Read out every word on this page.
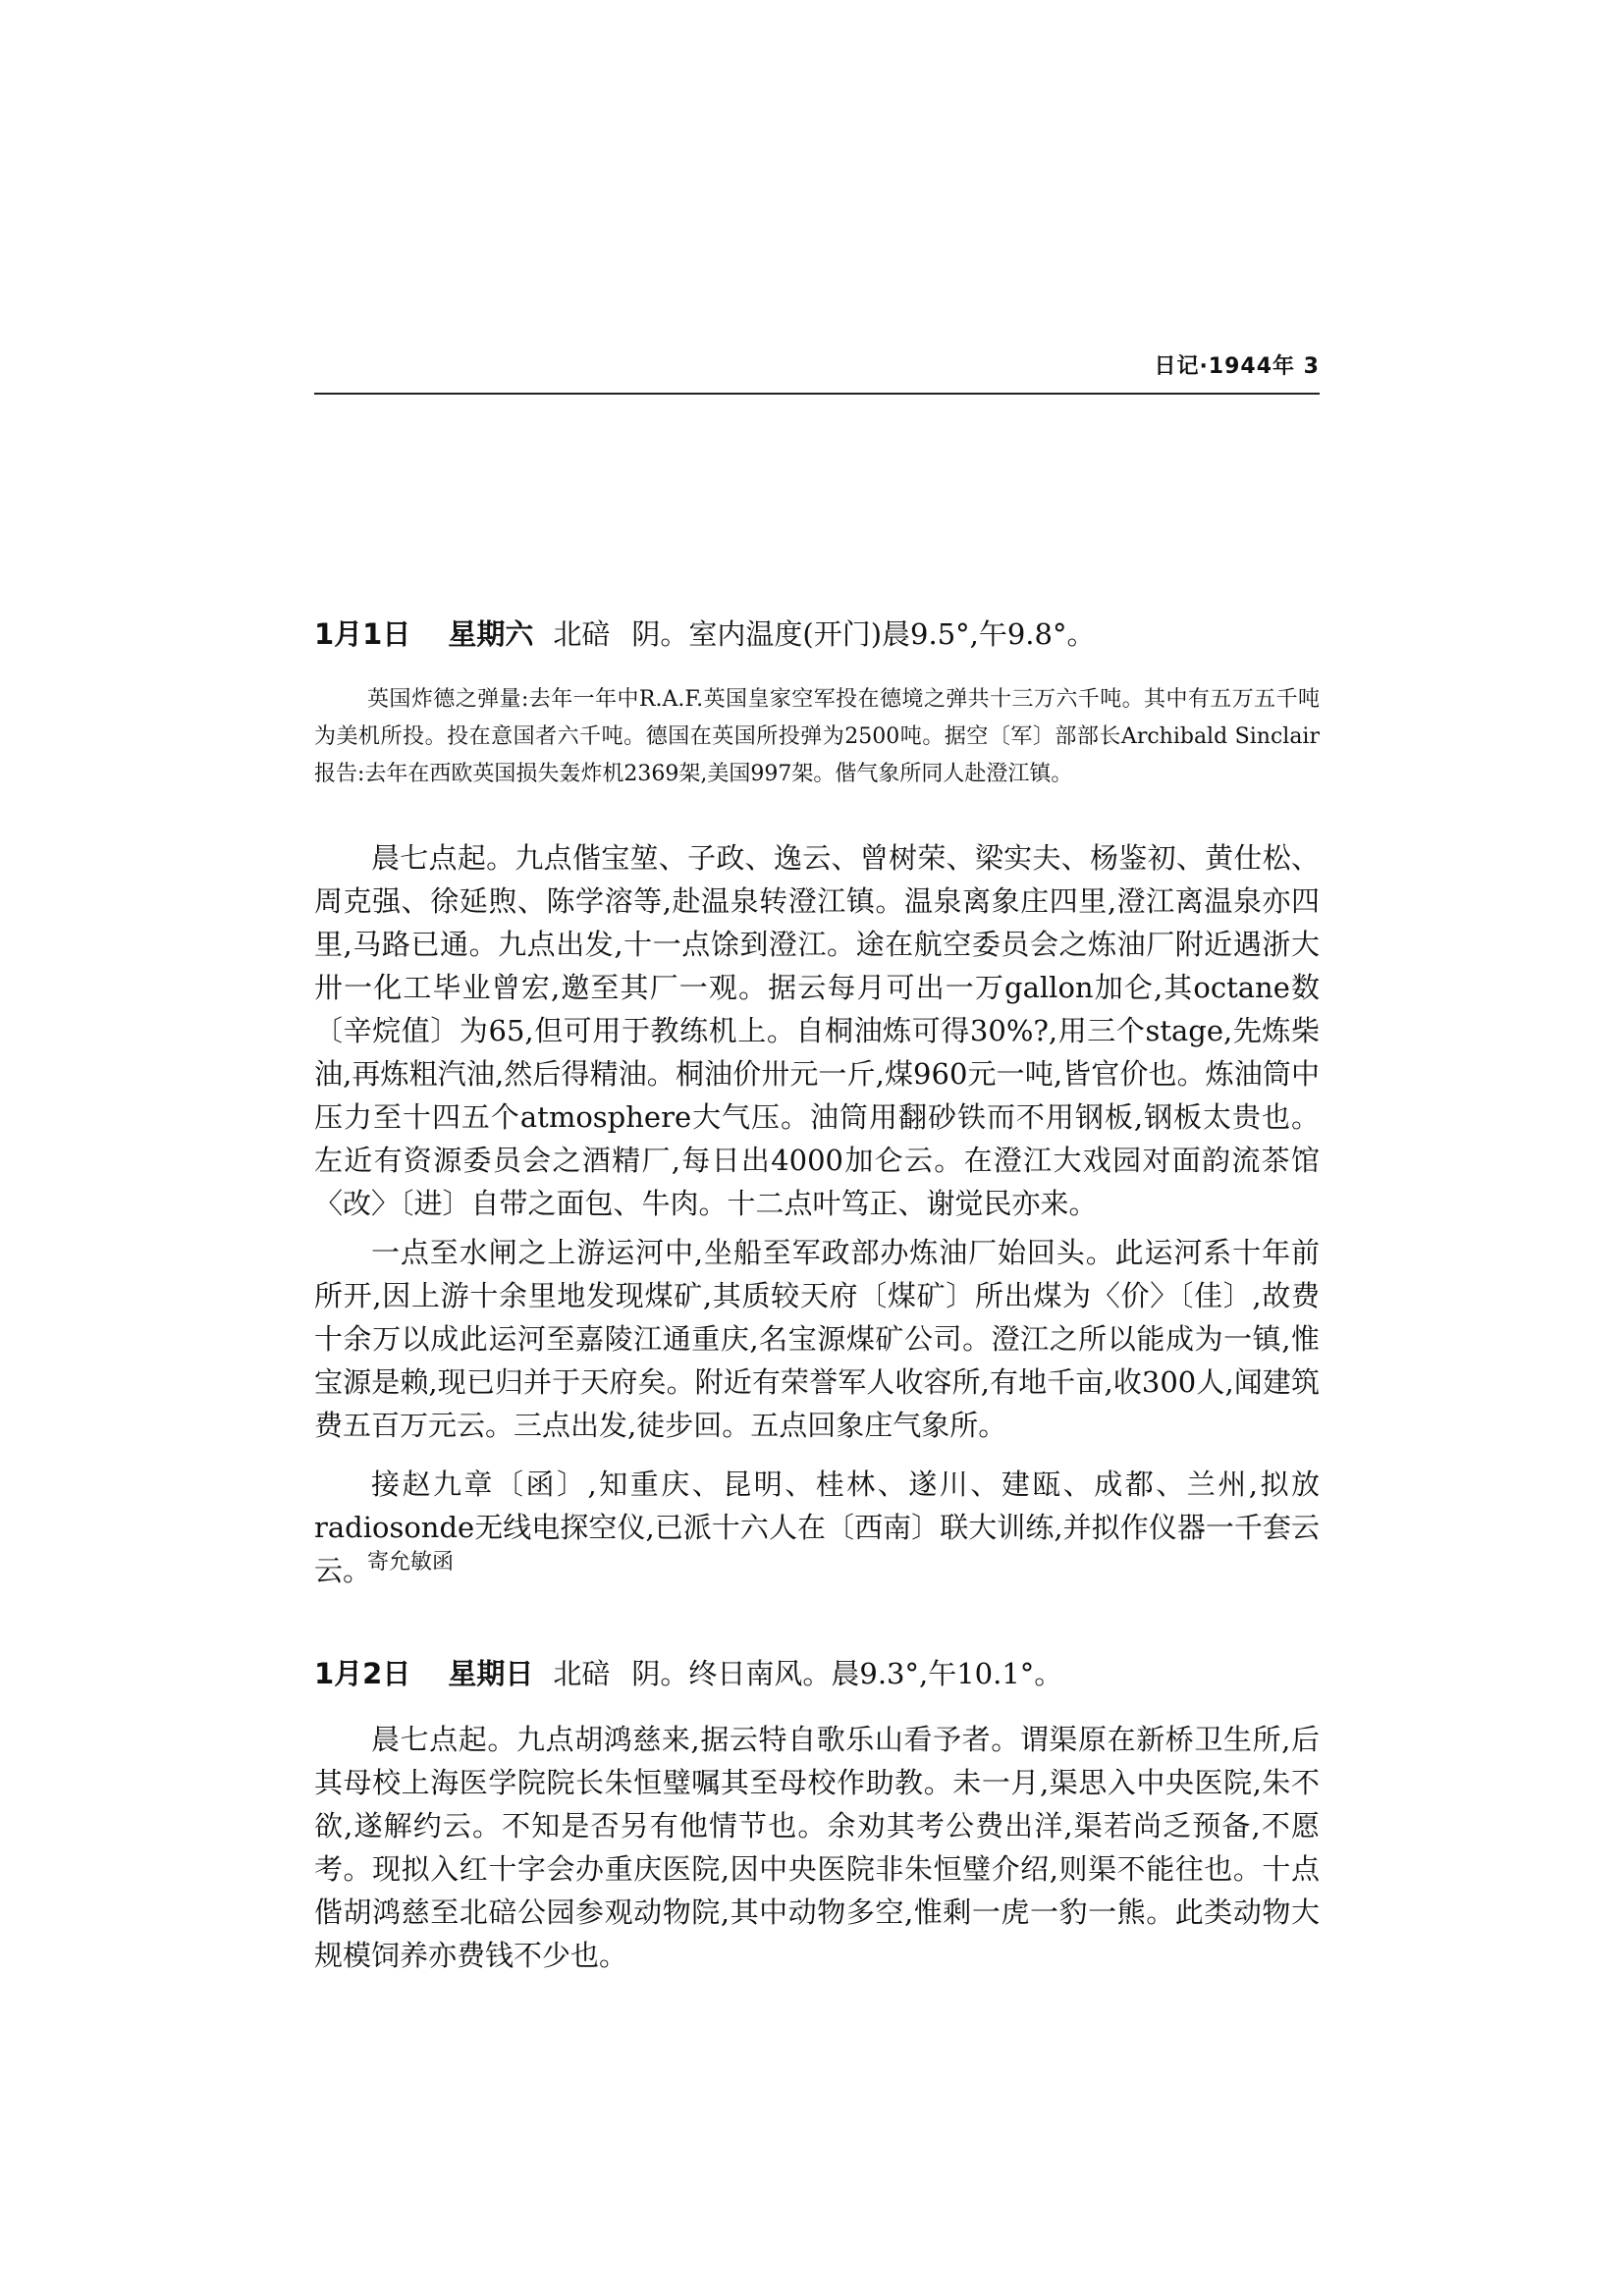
日记·1944年 3
1月1日 星期六 北碚 阴。室内温度(开门)晨9.5°,午9.8°。

英国炸德之弹量:去年一年中R.A.F.英国皇家空军投在德境之弹共十三万六千吨。其中有五万五千吨为美机所投。投在意国者六千吨。德国在英国所投弹为2500吨。据空〔军〕部部长Archibald Sinclair报告:去年在西欧英国损失轰炸机2369架,美国997架。偕气象所同人赴澄江镇。

晨七点起。九点偕宝堃、子政、逸云、曾树荣、梁实夫、杨鉴初、黄仕松、周克强、徐延煦、陈学溶等,赴温泉转澄江镇。温泉离象庄四里,澄江离温泉亦四里,马路已通。九点出发,十一点馀到澄江。途在航空委员会之炼油厂附近遇浙大卅一化工毕业曾宏,邀至其厂一观。据云每月可出一万gallon加仑,其octane数〔辛烷值〕为65,但可用于教练机上。自桐油炼可得30%?,用三个stage,先炼柴油,再炼粗汽油,然后得精油。桐油价卅元一斤,煤960元一吨,皆官价也。炼油筒中压力至十四五个atmosphere大气压。油筒用翻砂铁而不用钢板,钢板太贵也。左近有资源委员会之酒精厂,每日出4000加仑云。在澄江大戏园对面韵流茶馆〈改〉〔进〕自带之面包、牛肉。十二点叶笃正、谢觉民亦来。

一点至水闸之上游运河中,坐船至军政部办炼油厂始回头。此运河系十年前所开,因上游十余里地发现煤矿,其质较天府〔煤矿〕所出煤为〈价〉〔佳〕,故费十余万以成此运河至嘉陵江通重庆,名宝源煤矿公司。澄江之所以能成为一镇,惟宝源是赖,现已归并于天府矣。附近有荣誉军人收容所,有地千亩,收300人,闻建筑费五百万元云。三点出发,徒步回。五点回象庄气象所。

接赵九章〔函〕,知重庆、昆明、桂林、遂川、建瓯、成都、兰州,拟放radiosonde无线电探空仪,已派十六人在〔西南〕联大训练,并拟作仪器一千套云云。

寄允敏函

1月2日 星期日 北碚 阴。终日南风。晨9.3°,午10.1°。

晨七点起。九点胡鸿慈来,据云特自歌乐山看予者。谓渠原在新桥卫生所,后其母校上海医学院院长朱恒璧嘱其至母校作助教。未一月,渠思入中央医院,朱不欲,遂解约云。不知是否另有他情节也。余劝其考公费出洋,渠若尚乏预备,不愿考。现拟入红十字会办重庆医院,因中央医院非朱恒璧介绍,则渠不能往也。十点偕胡鸿慈至北碚公园参观动物院,其中动物多空,惟剩一虎一豹一熊。此类动物大规模饲养亦费钱不少也。
